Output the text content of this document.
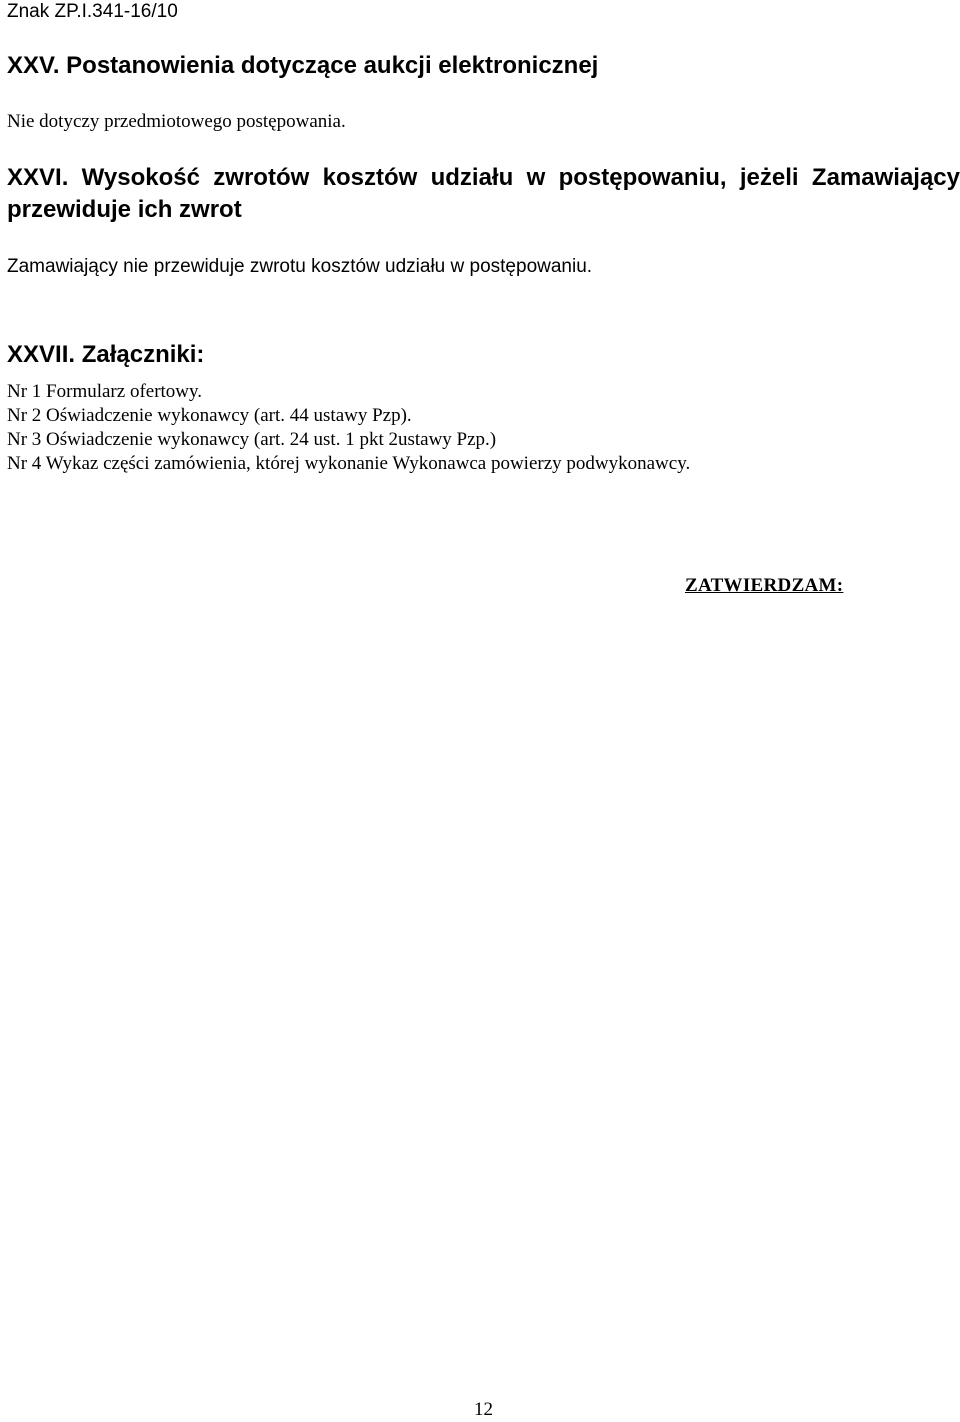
Znak ZP.I.341-16/10
XXV. Postanowienia dotyczące aukcji elektronicznej
Nie dotyczy przedmiotowego postępowania.
XXVI. Wysokość zwrotów kosztów udziału w postępowaniu, jeżeli Zamawiający przewiduje ich zwrot
Zamawiający nie przewiduje zwrotu kosztów udziału w postępowaniu.
XXVII. Załączniki:
Nr 1 Formularz ofertowy.
Nr 2 Oświadczenie wykonawcy (art. 44 ustawy Pzp).
Nr 3 Oświadczenie wykonawcy (art. 24 ust. 1 pkt 2ustawy Pzp.)
Nr 4 Wykaz części zamówienia, której wykonanie Wykonawca powierzy podwykonawcy.
ZATWIERDZAM:
12
